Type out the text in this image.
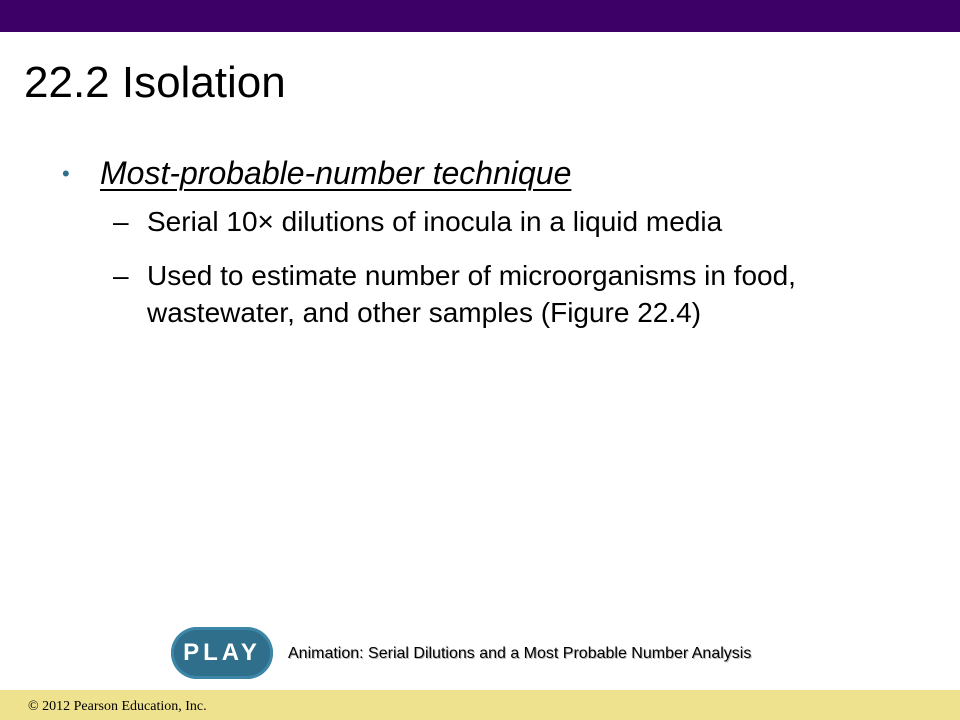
22.2 Isolation
• Most-probable-number technique
– Serial 10× dilutions of inocula in a liquid media
– Used to estimate number of microorganisms in food, wastewater, and other samples (Figure 22.4)
PLAY	Animation: Serial Dilutions and a Most Probable Number Analysis
© 2012 Pearson Education, Inc.
